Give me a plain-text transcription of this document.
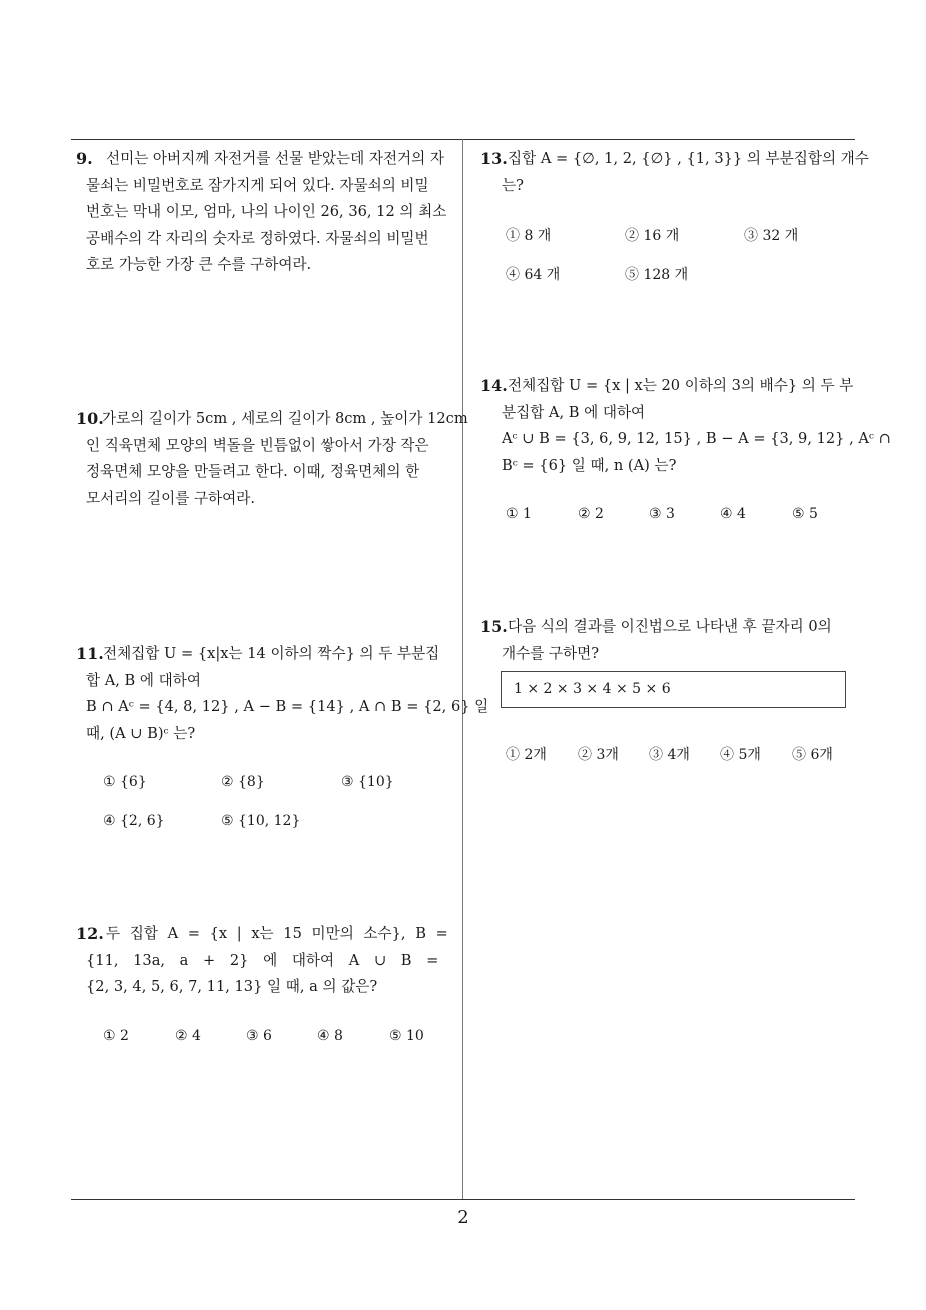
9. 선미는 아버지께 자전거를 선물 받았는데 자전거의 자
물쇠는 비밀번호로 잠가지게 되어 있다. 자물쇠의 비밀
번호는 막내 이모, 엄마, 나의 나이인 26, 36, 12 의 최소
공배수의 각 자리의 숫자로 정하였다. 자물쇠의 비밀번
호로 가능한 가장 큰 수를 구하여라.
10.
가로의 길이가 5cm , 세로의 길이가 8cm , 높이가 12cm
인 직육면체 모양의 벽돌을 빈틈없이 쌓아서 가장 작은
정육면체 모양을 만들려고 한다. 이때, 정육면체의 한
모서리의 길이를 구하여라.
11. 전체집합 U = {x|x는 14 이하의 짝수} 의 두 부분집
합 A, B 에 대하여
B ∩ Aᶜ = {4, 8, 12} , A − B = {14} , A ∩ B = {2, 6} 일
때, (A ∪ B)ᶜ 는?
① {6}	② {8}	③ {10}
④ {2, 6}	⑤ {10, 12}
12. 두 집합 A = {x | x는 15 미만의 소수}, B =
{11, 13a, a + 2} 에 대하여 A ∪ B =
{2, 3, 4, 5, 6, 7, 11, 13} 일 때, a 의 값은?
① 2	② 4	③ 6	④ 8	⑤ 10
13. 집합 A = {∅, 1, 2, {∅} , {1, 3}} 의 부분집합의 개수
는?
① 8 개	② 16 개	③ 32 개
④ 64 개	⑤ 128 개
14. 전체집합 U = {x | x는 20 이하의 3의 배수} 의 두 부
분집합 A, B 에 대하여
Aᶜ ∪ B = {3, 6, 9, 12, 15} , B − A = {3, 9, 12} , Aᶜ ∩
Bᶜ = {6} 일 때, n (A) 는?
① 1	② 2	③ 3	④ 4	⑤ 5
15. 다음 식의 결과를 이진법으로 나타낸 후 끝자리 0의
개수를 구하면?
1 × 2 × 3 × 4 × 5 × 6
① 2개 ② 3개 ③ 4개 ④ 5개 ⑤ 6개
2
